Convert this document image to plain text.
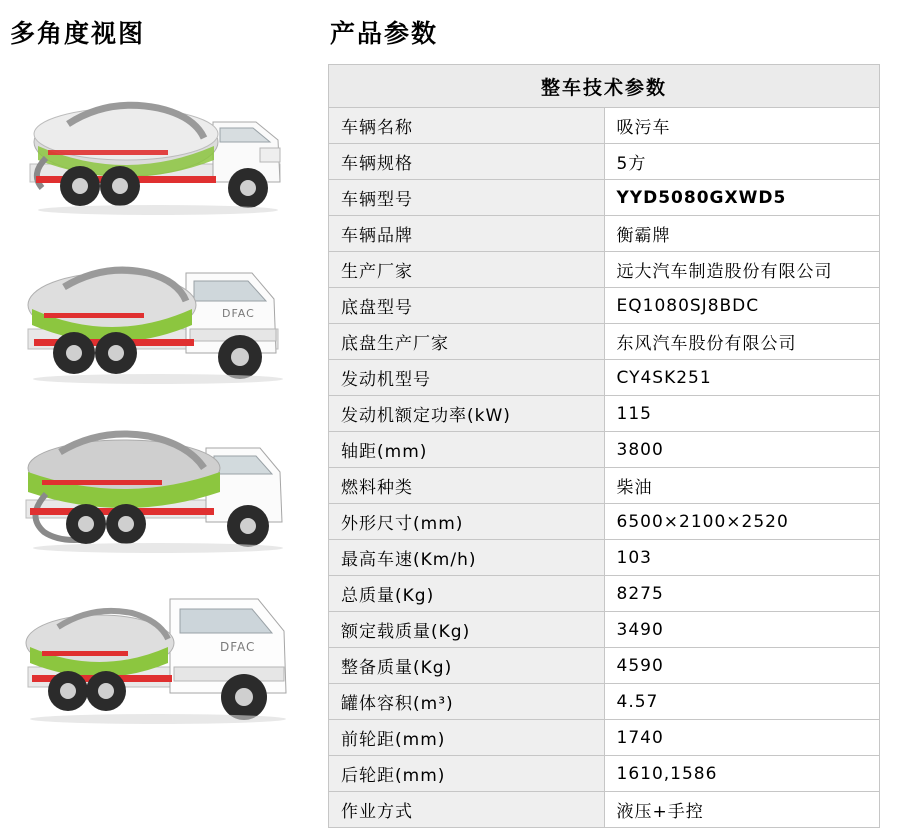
多角度视图
DFAC
DFAC
产品参数
整车技术参数	
车辆名称	吸污车
车辆规格	5方
车辆型号	YYD5080GXWD5
车辆品牌	衡霸牌
生产厂家	远大汽车制造股份有限公司
底盘型号	EQ1080SJ8BDC
底盘生产厂家	东风汽车股份有限公司
发动机型号	CY4SK251
发动机额定功率(kW)	115
轴距(mm)	3800
燃料种类	柴油
外形尺寸(mm)	6500×2100×2520
最高车速(Km/h)	103
总质量(Kg)	8275
额定载质量(Kg)	3490
整备质量(Kg)	4590
罐体容积(m³)	4.57
前轮距(mm)	1740
后轮距(mm)	1610,1586
作业方式	液压+手控
